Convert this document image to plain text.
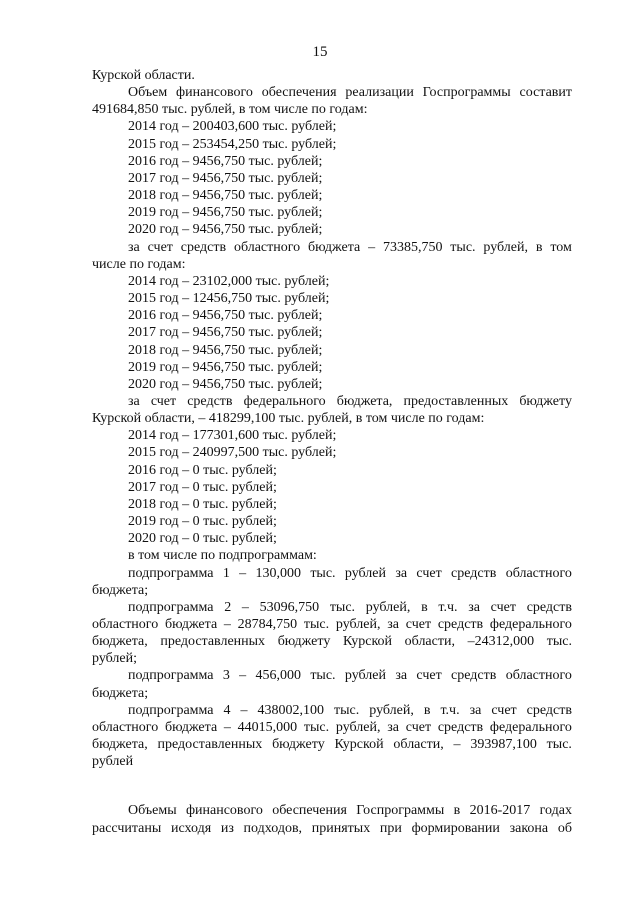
15
Курской области.
Объем финансового обеспечения реализации Госпрограммы составит
491684,850 тыс. рублей, в том числе по годам:
2014 год – 200403,600 тыс. рублей;
2015 год – 253454,250 тыс. рублей;
2016 год – 9456,750 тыс. рублей;
2017 год – 9456,750 тыс. рублей;
2018 год – 9456,750 тыс. рублей;
2019 год – 9456,750 тыс. рублей;
2020 год – 9456,750 тыс. рублей;
за счет средств областного бюджета – 73385,750 тыс. рублей, в том
числе по годам:
2014 год – 23102,000 тыс. рублей;
2015 год – 12456,750 тыс. рублей;
2016 год – 9456,750 тыс. рублей;
2017 год – 9456,750 тыс. рублей;
2018 год – 9456,750 тыс. рублей;
2019 год – 9456,750 тыс. рублей;
2020 год – 9456,750 тыс. рублей;
за счет средств федерального бюджета, предоставленных бюджету
Курской области, – 418299,100 тыс. рублей, в том числе по годам:
2014 год – 177301,600 тыс. рублей;
2015 год – 240997,500 тыс. рублей;
2016 год – 0 тыс. рублей;
2017 год – 0 тыс. рублей;
2018 год – 0 тыс. рублей;
2019 год – 0 тыс. рублей;
2020 год – 0 тыс. рублей;
в том числе по подпрограммам:
подпрограмма 1 – 130,000 тыс. рублей за счет средств областного
бюджета;
подпрограмма 2 – 53096,750 тыс. рублей, в т.ч. за счет средств
областного бюджета – 28784,750 тыс. рублей, за счет средств федерального
бюджета, предоставленных бюджету Курской области, –24312,000 тыс.
рублей;
подпрограмма 3 – 456,000 тыс. рублей за счет средств областного
бюджета;
подпрограмма 4 – 438002,100 тыс. рублей, в т.ч. за счет средств
областного бюджета – 44015,000 тыс. рублей, за счет средств федерального
бюджета, предоставленных бюджету Курской области, – 393987,100 тыс.
рублей
Объемы финансового обеспечения Госпрограммы в 2016-2017 годах
рассчитаны исходя из подходов, принятых при формировании закона об
